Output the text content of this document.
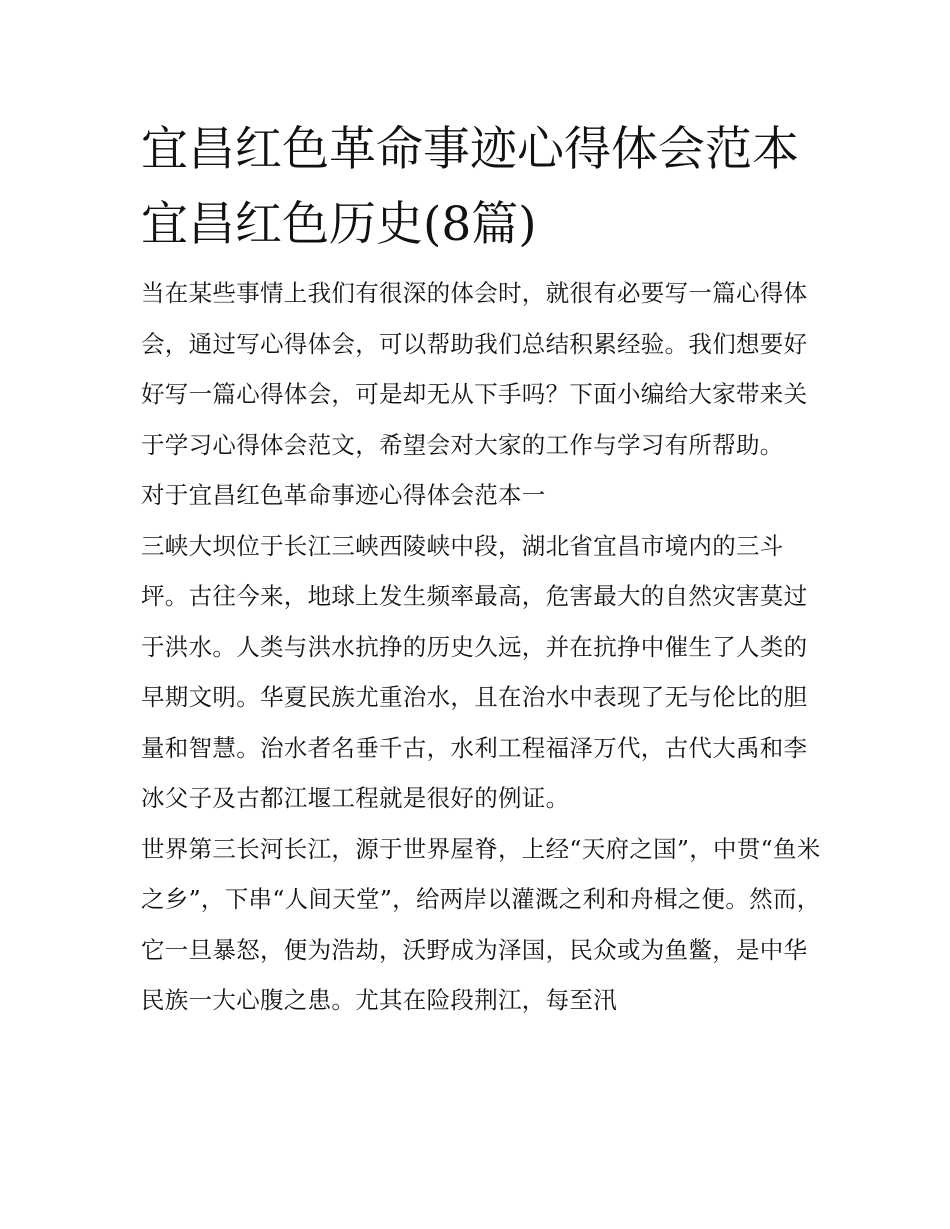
宜昌红色革命事迹心得体会范本 宜昌红色历史(8篇)

当在某些事情上我们有很深的体会时，就很有必要写一篇心得体会，通过写心得体会，可以帮助我们总结积累经验。我们想要好好写一篇心得体会，可是却无从下手吗？下面小编给大家带来关于学习心得体会范文，希望会对大家的工作与学习有所帮助。

对于宜昌红色革命事迹心得体会范本一

三峡大坝位于长江三峡西陵峡中段，湖北省宜昌市境内的三斗坪。古往今来，地球上发生频率最高，危害最大的自然灾害莫过于洪水。人类与洪水抗挣的历史久远，并在抗挣中催生了人类的早期文明。华夏民族尤重治水，且在治水中表现了无与伦比的胆量和智慧。治水者名垂千古，水利工程福泽万代，古代大禹和李冰父子及古都江堰工程就是很好的例证。

世界第三长河长江，源于世界屋脊，上经“天府之国”，中贯“鱼米之乡”，下串“人间天堂”，给两岸以灌溉之利和舟楫之便。然而，它一旦暴怒，便为浩劫，沃野成为泽国，民众或为鱼鳖，是中华民族一大心腹之患。尤其在险段荆江，每至汛
